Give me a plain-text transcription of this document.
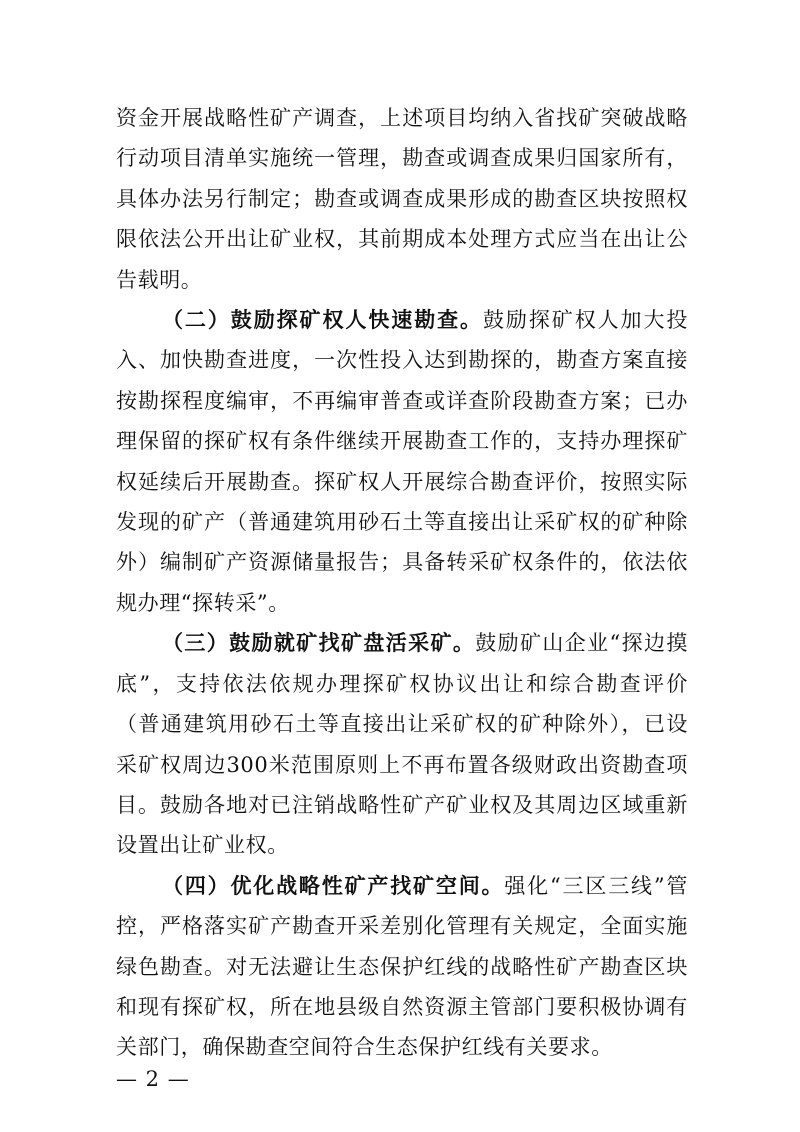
资金开展战略性矿产调查，上述项目均纳入省找矿突破战略行动项目清单实施统一管理，勘查或调查成果归国家所有，具体办法另行制定；勘查或调查成果形成的勘查区块按照权限依法公开出让矿业权，其前期成本处理方式应当在出让公告载明。

（二）鼓励探矿权人快速勘查。鼓励探矿权人加大投入、加快勘查进度，一次性投入达到勘探的，勘查方案直接按勘探程度编审，不再编审普查或详查阶段勘查方案；已办理保留的探矿权有条件继续开展勘查工作的，支持办理探矿权延续后开展勘查。探矿权人开展综合勘查评价，按照实际发现的矿产（普通建筑用砂石土等直接出让采矿权的矿种除外）编制矿产资源储量报告；具备转采矿权条件的，依法依规办理“探转采”。

（三）鼓励就矿找矿盘活采矿。鼓励矿山企业“探边摸底”，支持依法依规办理探矿权协议出让和综合勘查评价（普通建筑用砂石土等直接出让采矿权的矿种除外），已设采矿权周边300米范围原则上不再布置各级财政出资勘查项目。鼓励各地对已注销战略性矿产矿业权及其周边区域重新设置出让矿业权。

（四）优化战略性矿产找矿空间。强化“三区三线”管控，严格落实矿产勘查开采差别化管理有关规定，全面实施绿色勘查。对无法避让生态保护红线的战略性矿产勘查区块和现有探矿权，所在地县级自然资源主管部门要积极协调有关部门，确保勘查空间符合生态保护红线有关要求。

— 2 —
